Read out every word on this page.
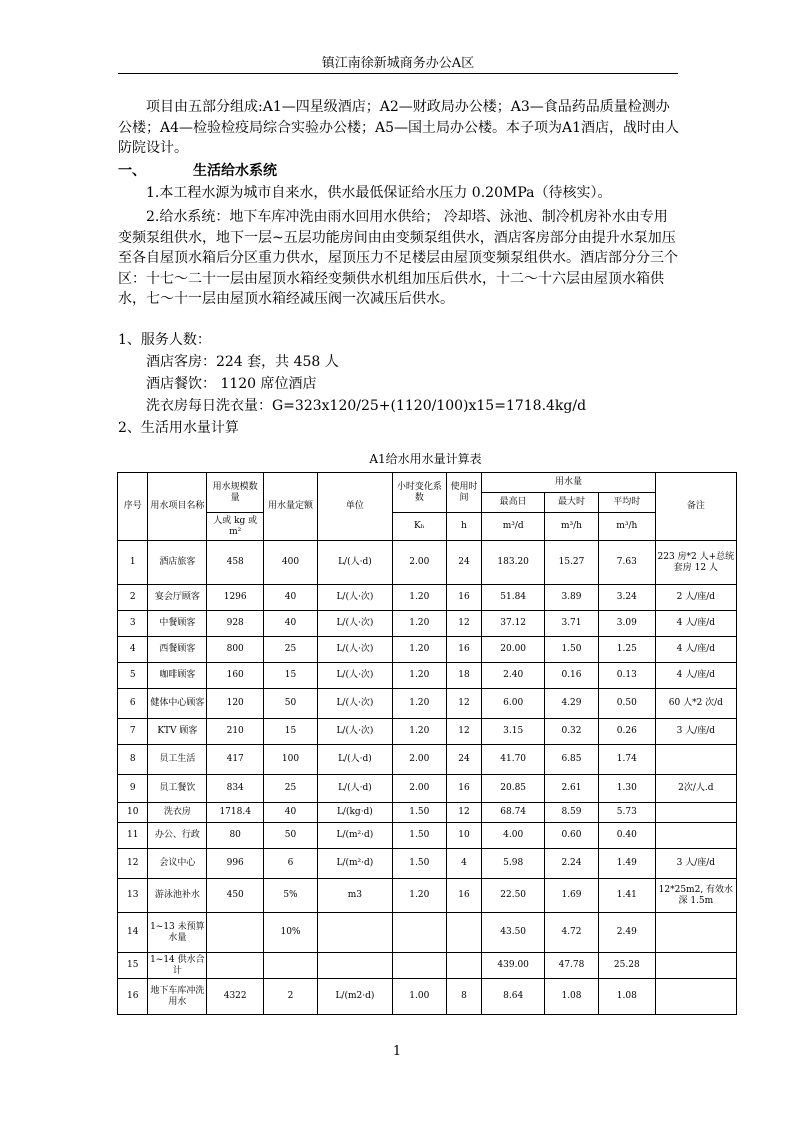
镇江南徐新城商务办公A区
项目由五部分组成:A1—四星级酒店；A2—财政局办公楼；A3—食品药品质量检测办公楼；A4—检验检疫局综合实验办公楼；A5—国土局办公楼。本子项为A1酒店，战时由人防院设计。
一、	生活给水系统
1.本工程水源为城市自来水，供水最低保证给水压力 0.20MPa（待核实）。
2.给水系统：地下车库冲洗由雨水回用水供给； 冷却塔、泳池、制冷机房补水由专用变频泵组供水，地下一层~五层功能房间由由变频泵组供水，酒店客房部分由提升水泵加压至各自屋顶水箱后分区重力供水，屋顶压力不足楼层由屋顶变频泵组供水。酒店部分分三个区：十七～二十一层由屋顶水箱经变频供水机组加压后供水，十二～十六层由屋顶水箱供水，七～十一层由屋顶水箱经减压阀一次减压后供水。
1、服务人数：
酒店客房：224 套，共 458 人
酒店餐饮： 1120 席位酒店
洗衣房每日洗衣量：G=323x120/25+(1120/100)x15=1718.4kg/d
2、生活用水量计算
A1给水用水量计算表
序号	用水项目名称	用水规模数量	用水量定额	单位	小时变化系数	使用时间	用水量			备注
							最高日	最大时	平均时	
		人或 kg 或 m²			Kₕ	h	m³/d	m³/h	m³/h	
1	酒店旅客	458	400	L/(人·d)	2.00	24	183.20	15.27	7.63	223 房*2 人+总统套房 12 人
2	宴会厅顾客	1296	40	L/(人·次)	1.20	16	51.84	3.89	3.24	2 人/座/d
3	中餐顾客	928	40	L/(人·次)	1.20	12	37.12	3.71	3.09	4 人/座/d
4	西餐顾客	800	25	L/(人·次)	1.20	16	20.00	1.50	1.25	4 人/座/d
5	咖啡顾客	160	15	L/(人·次)	1.20	18	2.40	0.16	0.13	4 人/座/d
6	健体中心顾客	120	50	L/(人·次)	1.20	12	6.00	4.29	0.50	60 人*2 次/d
7	KTV 顾客	210	15	L/(人·次)	1.20	12	3.15	0.32	0.26	3 人/座/d
8	员工生活	417	100	L/(人·d)	2.00	24	41.70	6.85	1.74	
9	员工餐饮	834	25	L/(人·d)	2.00	16	20.85	2.61	1.30	2次/人.d
10	洗衣房	1718.4	40	L/(kg·d)	1.50	12	68.74	8.59	5.73	
11	办公、行政	80	50	L/(m²·d)	1.50	10	4.00	0.60	0.40	
12	会议中心	996	6	L/(m²·d)	1.50	4	5.98	2.24	1.49	3 人/座/d
13	游泳池补水	450	5%	m3	1.20	16	22.50	1.69	1.41	12*25m2, 有效水深 1.5m
14	1~13 未预算水量		10%				43.50	4.72	2.49	
15	1~14 供水合计						439.00	47.78	25.28	
16	地下车库冲洗用水	4322	2	L/(m2·d)	1.00	8	8.64	1.08	1.08	
1
